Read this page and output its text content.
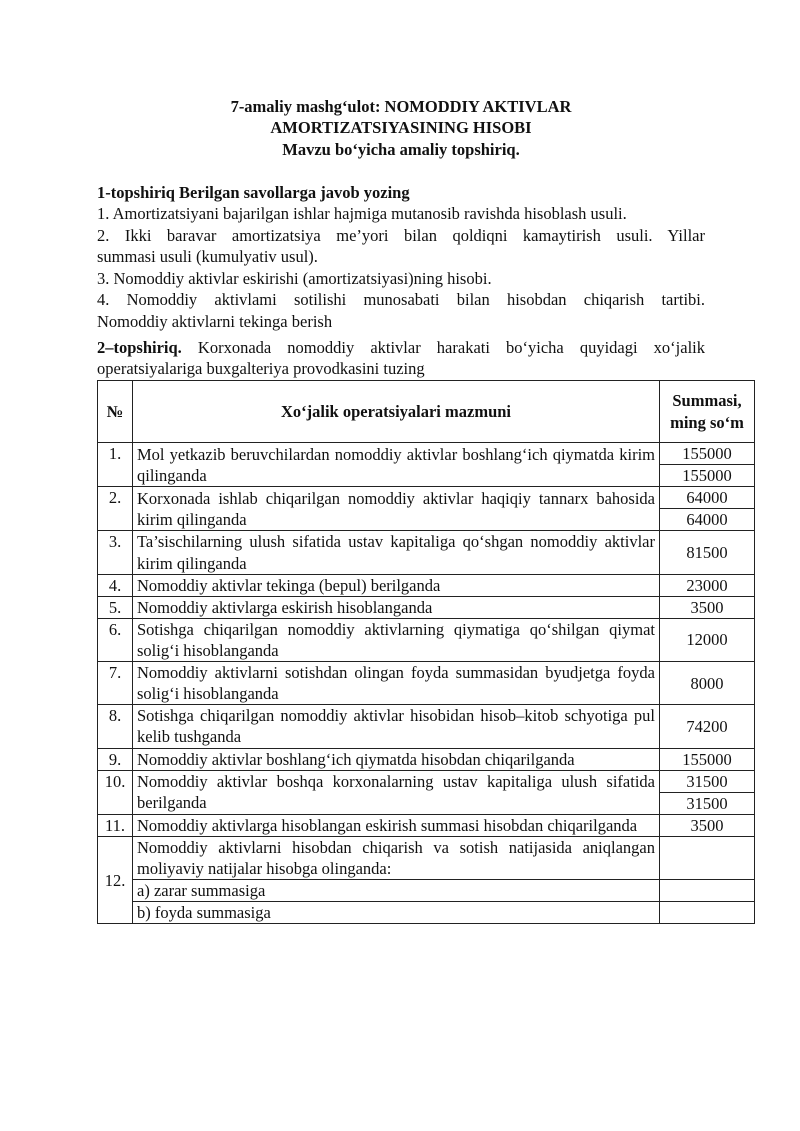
7-amaliy mashg‘ulot: NOMODDIY AKTIVLAR
AMORTIZATSIYASINING HISOBI
Mavzu bo‘yicha amaliy topshiriq.
1-topshiriq Berilgan savollarga javob yozing
1. Amortizatsiyani bajarilgan ishlar hajmiga mutanosib ravishda hisoblash usuli.
2. Ikki baravar amortizatsiya me’yori bilan qoldiqni kamaytirish usuli. Yillar
summasi usuli (kumulyativ usul).
3. Nomoddiy aktivlar eskirishi (amortizatsiyasi)ning hisobi.
4. Nomoddiy aktivlami sotilishi munosabati bilan hisobdan chiqarish tartibi.
Nomoddiy aktivlarni tekinga berish
2–topshiriq. Korxonada nomoddiy aktivlar harakati bo‘yicha quyidagi xo‘jalik
operatsiyalariga buxgalteriya provodkasini tuzing
№	Xo‘jalik operatsiyalari mazmuni	Summasi, ming so‘m
1.	Mol yetkazib beruvchilardan nomoddiy aktivlar boshlang‘ich qiymatda kirim qilinganda	155000
		155000
2.	Korxonada ishlab chiqarilgan nomoddiy aktivlar haqiqiy tannarx bahosida kirim qilinganda	64000
		64000
3.	Ta’sischilarning ulush sifatida ustav kapitaliga qo‘shgan nomoddiy aktivlar kirim qilinganda	81500
4.	Nomoddiy aktivlar tekinga (bepul) berilganda	23000
5.	Nomoddiy aktivlarga eskirish hisoblanganda	3500
6.	Sotishga chiqarilgan nomoddiy aktivlarning qiymatiga qo‘shilgan qiymat solig‘i hisoblanganda	12000
7.	Nomoddiy aktivlarni sotishdan olingan foyda summasidan byudjetga foyda solig‘i hisoblanganda	8000
8.	Sotishga chiqarilgan nomoddiy aktivlar hisobidan hisob–kitob schyotiga pul kelib tushganda	74200
9.	Nomoddiy aktivlar boshlang‘ich qiymatda hisobdan chiqarilganda	155000
10.	Nomoddiy aktivlar boshqa korxonalarning ustav kapitaliga ulush sifatida berilganda	31500
		31500
11.	Nomoddiy aktivlarga hisoblangan eskirish summasi hisobdan chiqarilganda	3500
12.	Nomoddiy aktivlarni hisobdan chiqarish va sotish natijasida aniqlangan moliyaviy natijalar hisobga olinganda:	
	a) zarar summasiga	
	b) foyda summasiga	
